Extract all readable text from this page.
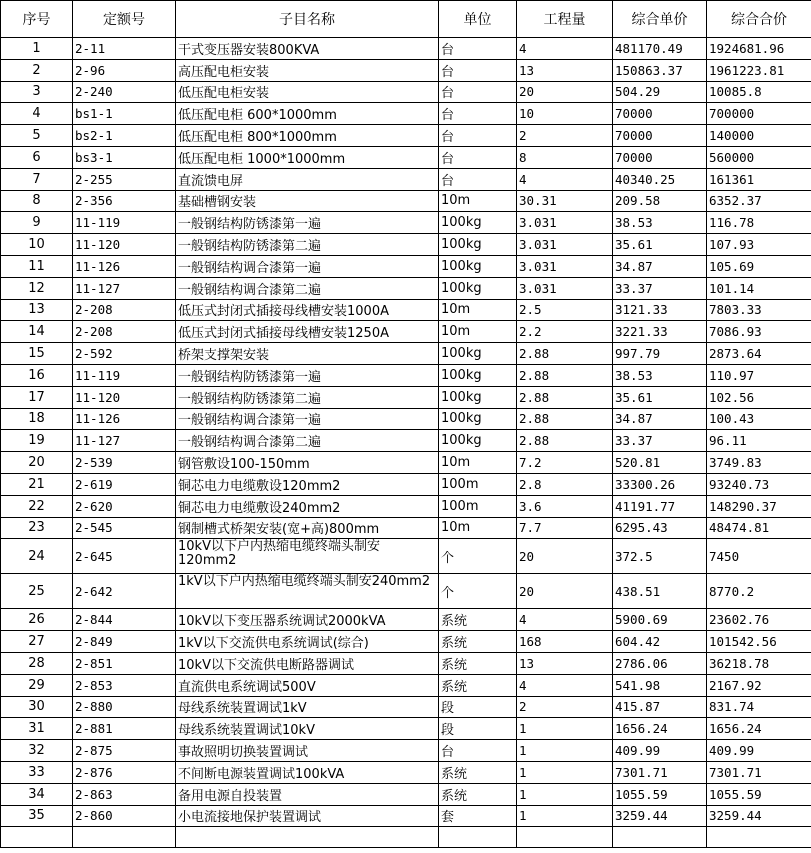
序号	定额号	子目名称	单位	工程量	综合单价	综合合价
1	2-11	干式变压器安装800KVA	台	4	481170.49	1924681.96
2	2-96	高压配电柜安装	台	13	150863.37	1961223.81
3	2-240	低压配电柜安装	台	20	504.29	10085.8
4	bs1-1	低压配电柜 600*1000mm	台	10	70000	700000
5	bs2-1	低压配电柜 800*1000mm	台	2	70000	140000
6	bs3-1	低压配电柜 1000*1000mm	台	8	70000	560000
7	2-255	直流馈电屏	台	4	40340.25	161361
8	2-356	基础槽钢安装	10m	30.31	209.58	6352.37
9	11-119	一般钢结构防锈漆第一遍	100kg	3.031	38.53	116.78
10	11-120	一般钢结构防锈漆第二遍	100kg	3.031	35.61	107.93
11	11-126	一般钢结构调合漆第一遍	100kg	3.031	34.87	105.69
12	11-127	一般钢结构调合漆第二遍	100kg	3.031	33.37	101.14
13	2-208	低压式封闭式插接母线槽安装1000A	10m	2.5	3121.33	7803.33
14	2-208	低压式封闭式插接母线槽安装1250A	10m	2.2	3221.33	7086.93
15	2-592	桥架支撑架安装	100kg	2.88	997.79	2873.64
16	11-119	一般钢结构防锈漆第一遍	100kg	2.88	38.53	110.97
17	11-120	一般钢结构防锈漆第二遍	100kg	2.88	35.61	102.56
18	11-126	一般钢结构调合漆第一遍	100kg	2.88	34.87	100.43
19	11-127	一般钢结构调合漆第二遍	100kg	2.88	33.37	96.11
20	2-539	钢管敷设100-150mm	10m	7.2	520.81	3749.83
21	2-619	铜芯电力电缆敷设120mm2	100m	2.8	33300.26	93240.73
22	2-620	铜芯电力电缆敷设240mm2	100m	3.6	41191.77	148290.37
23	2-545	钢制槽式桥架安装(宽+高)800mm	10m	7.7	6295.43	48474.81
24	2-645	10kV以下户内热缩电缆终端头制安120mm2	个	20	372.5	7450
25	2-642	1kV以下户内热缩电缆终端头制安240mm2	个	20	438.51	8770.2
26	2-844	10kV以下变压器系统调试2000kVA	系统	4	5900.69	23602.76
27	2-849	1kV以下交流供电系统调试(综合)	系统	168	604.42	101542.56
28	2-851	10kV以下交流供电断路器调试	系统	13	2786.06	36218.78
29	2-853	直流供电系统调试500V	系统	4	541.98	2167.92
30	2-880	母线系统装置调试1kV	段	2	415.87	831.74
31	2-881	母线系统装置调试10kV	段	1	1656.24	1656.24
32	2-875	事故照明切换装置调试	台	1	409.99	409.99
33	2-876	不间断电源装置调试100kVA	系统	1	7301.71	7301.71
34	2-863	备用电源自投装置	系统	1	1055.59	1055.59
35	2-860	小电流接地保护装置调试	套	1	3259.44	3259.44
